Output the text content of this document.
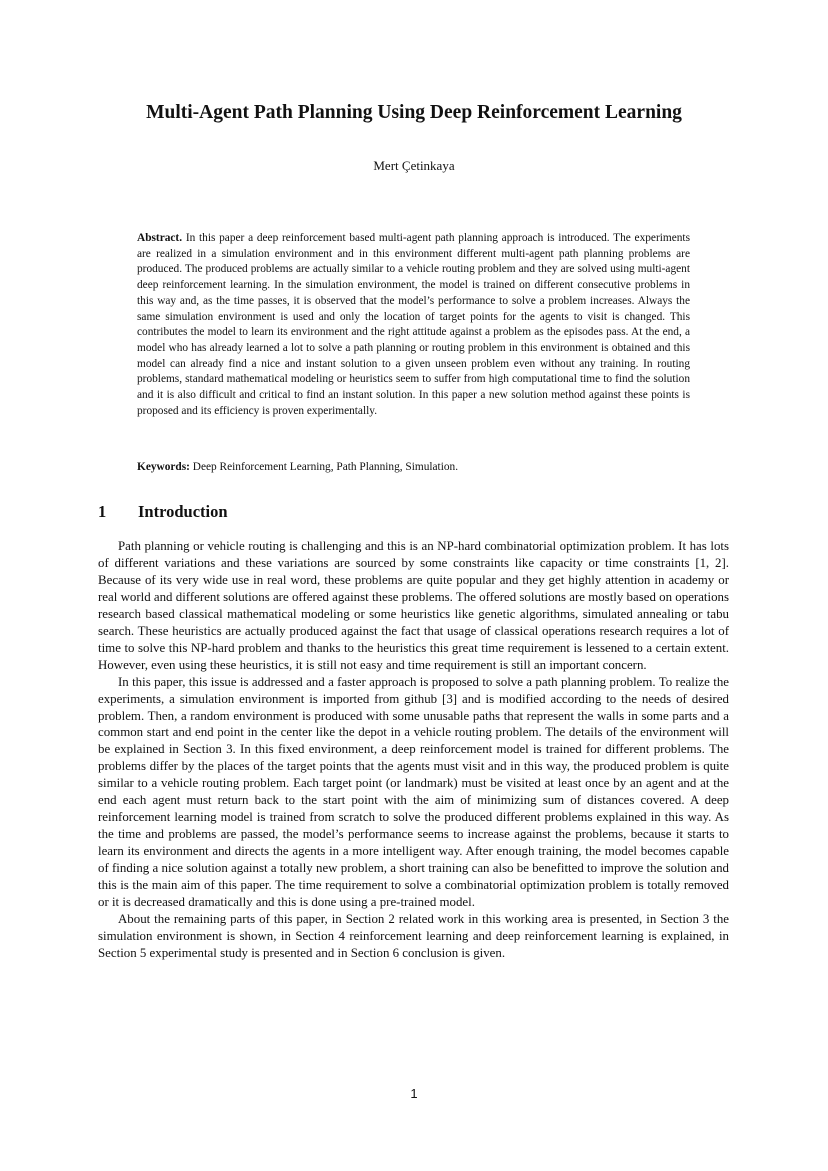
Multi-Agent Path Planning Using Deep Reinforcement Learning
Mert Çetinkaya
Abstract. In this paper a deep reinforcement based multi-agent path planning approach is introduced. The experiments are realized in a simulation environment and in this environment different multi-agent path planning problems are produced. The produced problems are actually similar to a vehicle routing problem and they are solved using multi-agent deep reinforcement learning. In the simulation environment, the model is trained on different consecutive problems in this way and, as the time passes, it is observed that the model’s performance to solve a problem increases. Always the same simulation environment is used and only the location of target points for the agents to visit is changed. This contributes the model to learn its environment and the right attitude against a problem as the episodes pass. At the end, a model who has already learned a lot to solve a path planning or routing problem in this environment is obtained and this model can already find a nice and instant solution to a given unseen problem even without any training. In routing problems, standard mathematical modeling or heuristics seem to suffer from high computational time to find the solution and it is also difficult and critical to find an instant solution. In this paper a new solution method against these points is proposed and its efficiency is proven experimentally.
Keywords: Deep Reinforcement Learning, Path Planning, Simulation.
1 Introduction

Path planning or vehicle routing is challenging and this is an NP-hard combinatorial optimization problem. It has lots of different variations and these variations are sourced by some constraints like capacity or time constraints [1, 2]. Because of its very wide use in real word, these problems are quite popular and they get highly attention in academy or real world and different solutions are offered against these problems. The offered solutions are mostly based on operations research based classical mathematical modeling or some heuristics like genetic algorithms, simulated annealing or tabu search. These heuristics are actually produced against the fact that usage of classical operations research requires a lot of time to solve this NP-hard problem and thanks to the heuristics this great time requirement is lessened to a certain extent. However, even using these heuristics, it is still not easy and time requirement is still an important concern.

In this paper, this issue is addressed and a faster approach is proposed to solve a path planning problem. To realize the experiments, a simulation environment is imported from github [3] and is modified according to the needs of desired problem. Then, a random environment is produced with some unusable paths that represent the walls in some parts and a common start and end point in the center like the depot in a vehicle routing problem. The details of the environment will be explained in Section 3. In this fixed environment, a deep reinforcement model is trained for different problems. The problems differ by the places of the target points that the agents must visit and in this way, the produced problem is quite similar to a vehicle routing problem. Each target point (or landmark) must be visited at least once by an agent and at the end each agent must return back to the start point with the aim of minimizing sum of distances covered. A deep reinforcement learning model is trained from scratch to solve the produced different problems explained in this way. As the time and problems are passed, the model’s performance seems to increase against the problems, because it starts to learn its environment and directs the agents in a more intelligent way. After enough training, the model becomes capable of finding a nice solution against a totally new problem, a short training can also be benefitted to improve the solution and this is the main aim of this paper. The time requirement to solve a combinatorial optimization problem is totally removed or it is decreased dramatically and this is done using a pre-trained model.

About the remaining parts of this paper, in Section 2 related work in this working area is presented, in Section 3 the simulation environment is shown, in Section 4 reinforcement learning and deep reinforcement learning is explained, in Section 5 experimental study is presented and in Section 6 conclusion is given.

1
